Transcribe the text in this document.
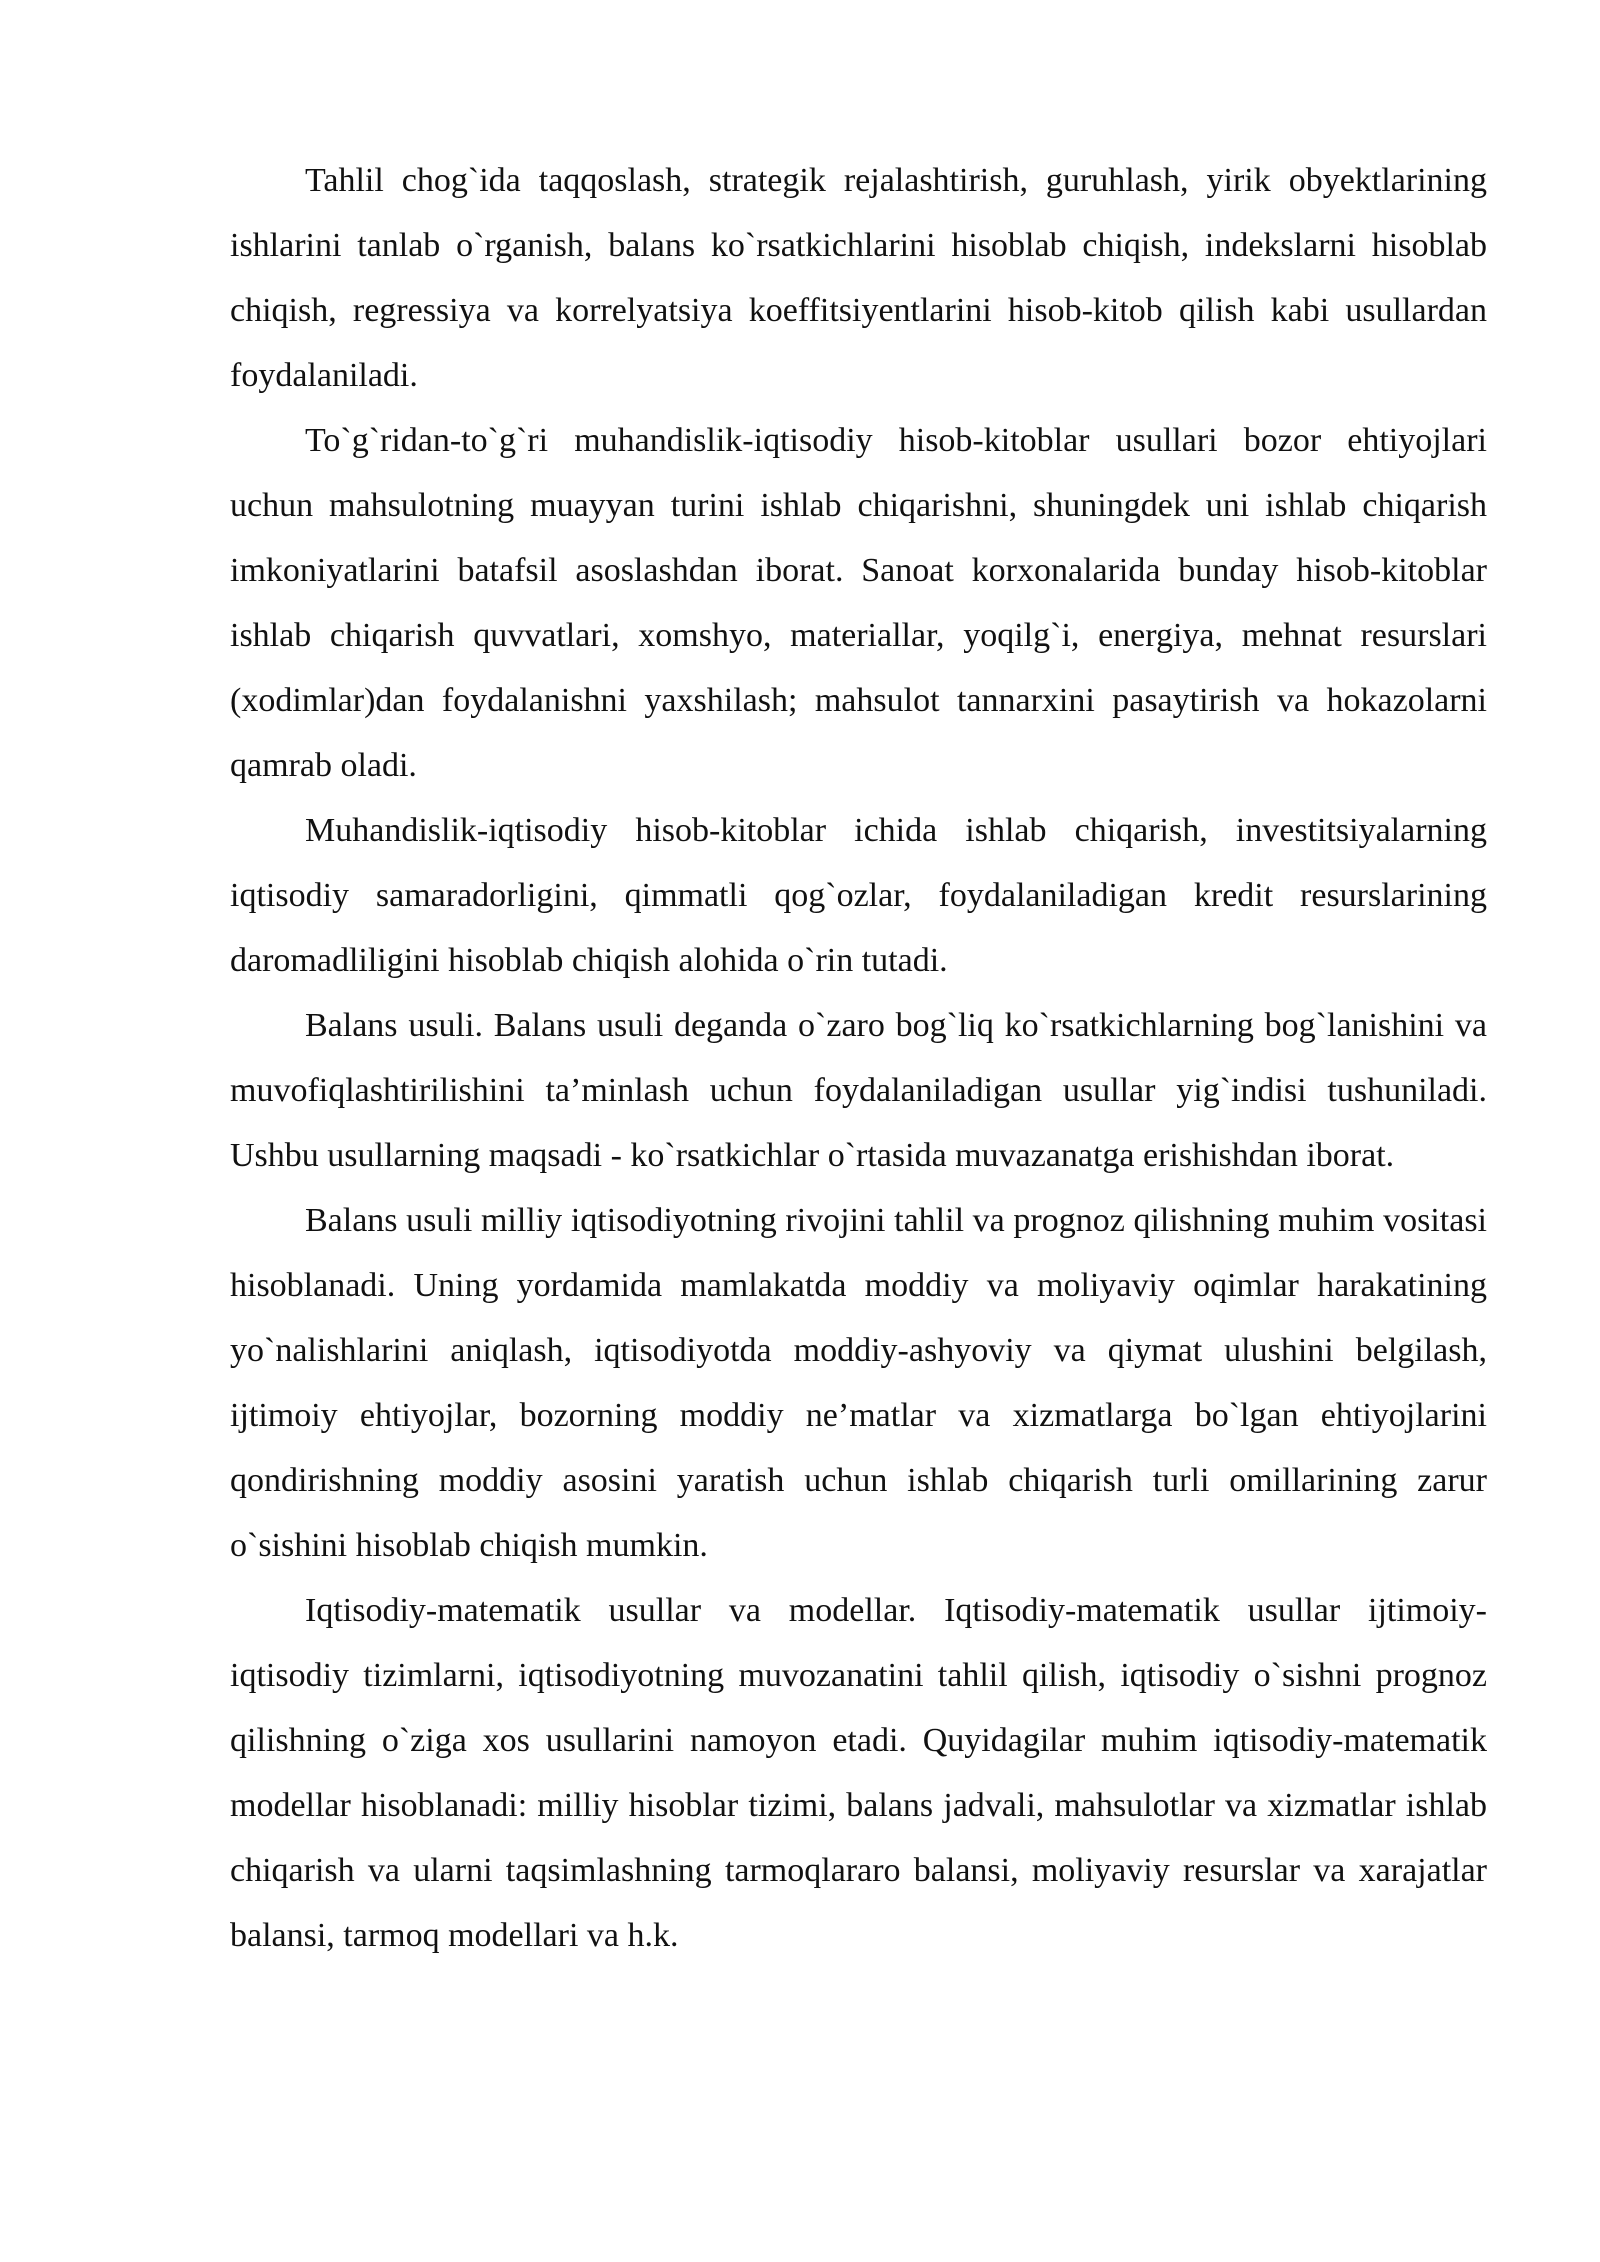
Tahlil chog`ida taqqoslash, strategik rejalashtirish, guruhlash, yirik obyektlarining ishlarini tanlab o`rganish, balans ko`rsatkichlarini hisoblab chiqish, indekslarni hisoblab chiqish, regressiya va korrelyatsiya koeffitsiyentlarini hisob-kitob qilish kabi usullardan foydalaniladi.

To`g`ridan-to`g`ri muhandislik-iqtisodiy hisob-kitoblar usullari bozor ehtiyojlari uchun mahsulotning muayyan turini ishlab chiqarishni, shuningdek uni ishlab chiqarish imkoniyatlarini batafsil asoslashdan iborat. Sanoat korxonalarida bunday hisob-kitoblar ishlab chiqarish quvvatlari, xomshyo, materiallar, yoqilg`i, energiya, mehnat resurslari (xodimlar)dan foydalanishni yaxshilash; mahsulot tannarxini pasaytirish va hokazolarni qamrab oladi.

Muhandislik-iqtisodiy hisob-kitoblar ichida ishlab chiqarish, investitsiyalarning iqtisodiy samaradorligini, qimmatli qog`ozlar, foydalaniladigan kredit resurslarining daromadliligini hisoblab chiqish alohida o`rin tutadi.

Balans usuli. Balans usuli deganda o`zaro bog`liq ko`rsatkichlarning bog`lanishini va muvofiqlashtirilishini ta’minlash uchun foydalaniladigan usullar yig`indisi tushuniladi. Ushbu usullarning maqsadi - ko`rsatkichlar o`rtasida muvazanatga erishishdan iborat.

Balans usuli milliy iqtisodiyotning rivojini tahlil va prognoz qilishning muhim vositasi hisoblanadi. Uning yordamida mamlakatda moddiy va moliyaviy oqimlar harakatining yo`nalishlarini aniqlash, iqtisodiyotda moddiy-ashyoviy va qiymat ulushini belgilash, ijtimoiy ehtiyojlar, bozorning moddiy ne’matlar va xizmatlarga bo`lgan ehtiyojlarini qondirishning moddiy asosini yaratish uchun ishlab chiqarish turli omillarining zarur o`sishini hisoblab chiqish mumkin.

Iqtisodiy-matematik usullar va modellar. Iqtisodiy-matematik usullar ijtimoiy-iqtisodiy tizimlarni, iqtisodiyotning muvozanatini tahlil qilish, iqtisodiy o`sishni prognoz qilishning o`ziga xos usullarini namoyon etadi. Quyidagilar muhim iqtisodiy-matematik modellar hisoblanadi: milliy hisoblar tizimi, balans jadvali, mahsulotlar va xizmatlar ishlab chiqarish va ularni taqsimlashning tarmoqlararo balansi, moliyaviy resurslar va xarajatlar balansi, tarmoq modellari va h.k.
